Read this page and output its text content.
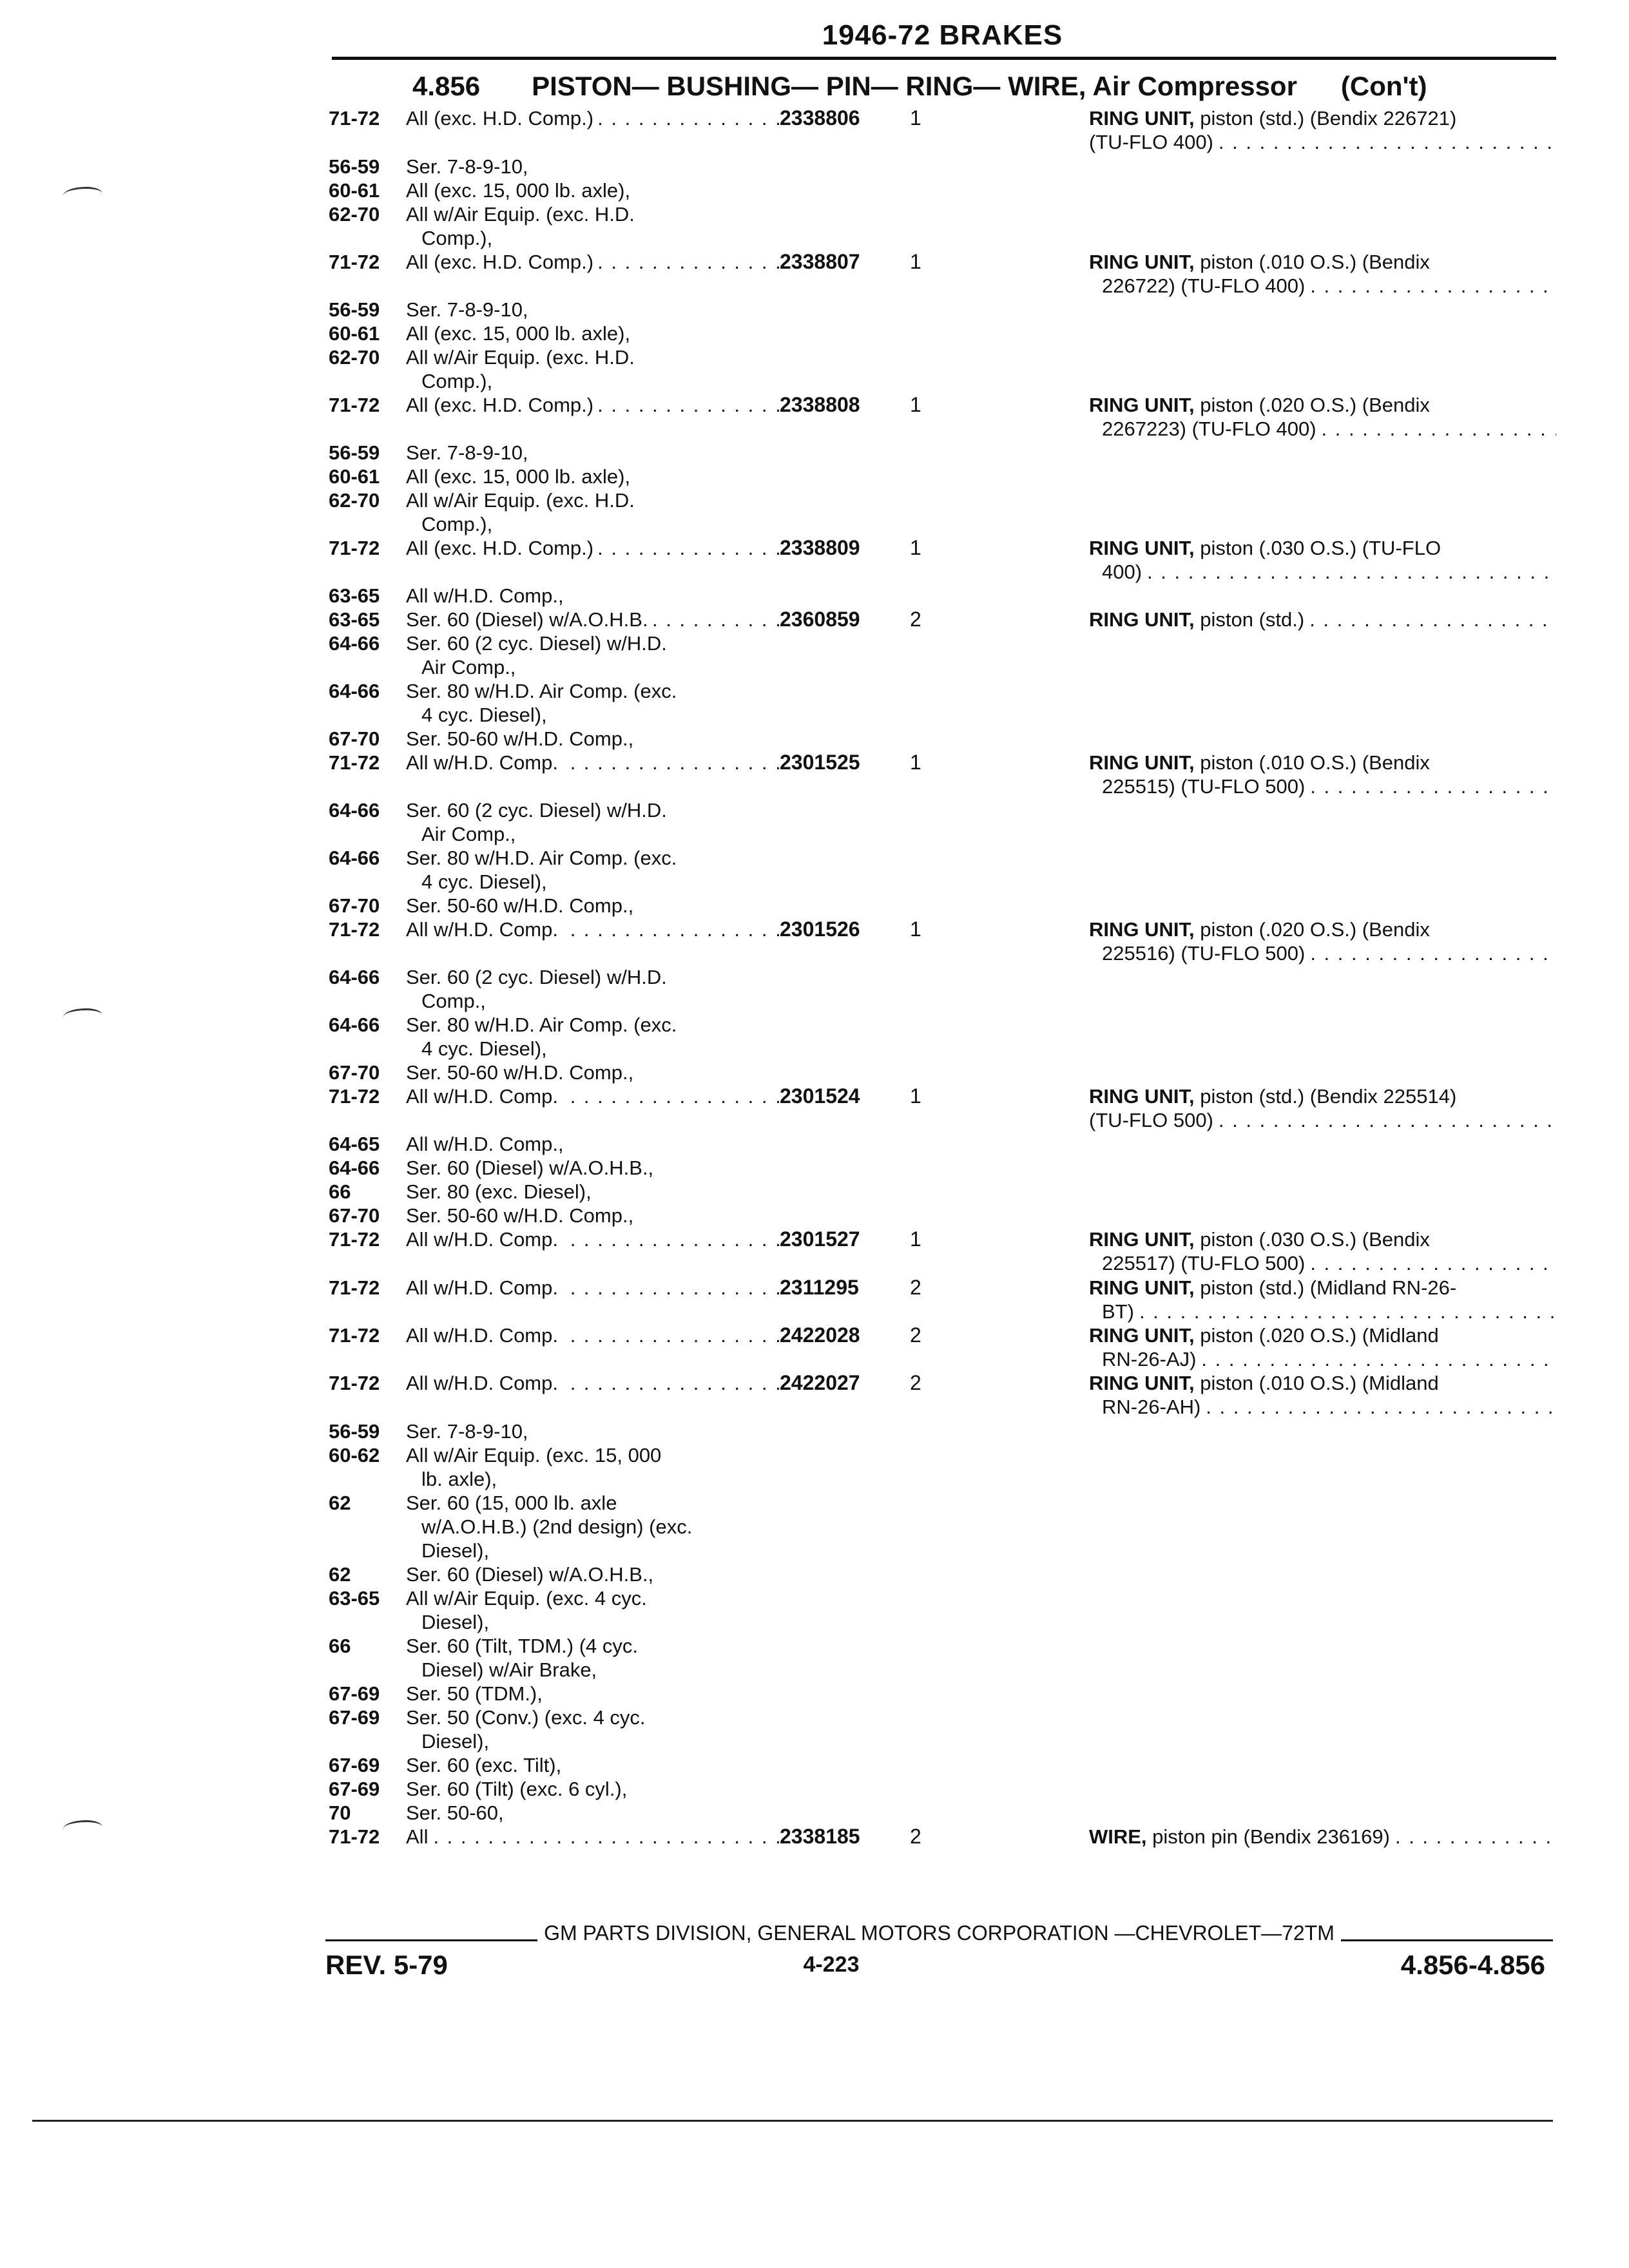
1946-72 BRAKES
4.856 PISTON— BUSHING— PIN— RING— WIRE, Air Compressor (Con't)
71-72	All (exc. H.D. Comp.) . . .	2338806 1	RING UNIT, piston (std.) (Bendix 226721)
(TU-FLO 400) . . .
56-59	Ser. 7-8-9-10,
60-61	All (exc. 15, 000 lb. axle),
62-70	All w/Air Equip. (exc. H.D.
Comp.),
71-72	All (exc. H.D. Comp.) . . .	2338807 1	RING UNIT, piston (.010 O.S.) (Bendix
226722) (TU-FLO 400) . . .
56-59	Ser. 7-8-9-10,
60-61	All (exc. 15, 000 lb. axle),
62-70	All w/Air Equip. (exc. H.D.
Comp.),
71-72	All (exc. H.D. Comp.) . . .	2338808 1	RING UNIT, piston (.020 O.S.) (Bendix
2267223) (TU-FLO 400) . . .
56-59	Ser. 7-8-9-10,
60-61	All (exc. 15, 000 lb. axle),
62-70	All w/Air Equip. (exc. H.D.
Comp.),
71-72	All (exc. H.D. Comp.) . . .	2338809 1	RING UNIT, piston (.030 O.S.) (TU-FLO
400) . . .
63-65	All w/H.D. Comp.,
63-65	Ser. 60 (Diesel) w/A.O.H.B. . . .	2360859 2	RING UNIT, piston (std.) . . .
64-66	Ser. 60 (2 cyc. Diesel) w/H.D.
Air Comp.,
64-66	Ser. 80 w/H.D. Air Comp. (exc.
4 cyc. Diesel),
67-70	Ser. 50-60 w/H.D. Comp.,
71-72	All w/H.D. Comp. . . .	2301525 1	RING UNIT, piston (.010 O.S.) (Bendix
225515) (TU-FLO 500) . . .
64-66	Ser. 60 (2 cyc. Diesel) w/H.D.
Air Comp.,
64-66	Ser. 80 w/H.D. Air Comp. (exc.
4 cyc. Diesel),
67-70	Ser. 50-60 w/H.D. Comp.,
71-72	All w/H.D. Comp. . . .	2301526 1	RING UNIT, piston (.020 O.S.) (Bendix
225516) (TU-FLO 500) . . .
64-66	Ser. 60 (2 cyc. Diesel) w/H.D.
Comp.,
64-66	Ser. 80 w/H.D. Air Comp. (exc.
4 cyc. Diesel),
67-70	Ser. 50-60 w/H.D. Comp.,
71-72	All w/H.D. Comp. . . .	2301524 1	RING UNIT, piston (std.) (Bendix 225514)
(TU-FLO 500) . . .
64-65	All w/H.D. Comp.,
64-66	Ser. 60 (Diesel) w/A.O.H.B.,
66	Ser. 80 (exc. Diesel),
67-70	Ser. 50-60 w/H.D. Comp.,
71-72	All w/H.D. Comp. . . .	2301527 1	RING UNIT, piston (.030 O.S.) (Bendix
225517) (TU-FLO 500) . . .
71-72	All w/H.D. Comp. . . .	2311295 2	RING UNIT, piston (std.) (Midland RN-26-
BT) . . .
71-72	All w/H.D. Comp. . . .	2422028 2	RING UNIT, piston (.020 O.S.) (Midland
RN-26-AJ) . . .
71-72	All w/H.D. Comp. . . .	2422027 2	RING UNIT, piston (.010 O.S.) (Midland
RN-26-AH) . . .
56-59	Ser. 7-8-9-10,
60-62	All w/Air Equip. (exc. 15, 000
lb. axle),
62	Ser. 60 (15, 000 lb. axle
w/A.O.H.B.) (2nd design) (exc.
Diesel),
62	Ser. 60 (Diesel) w/A.O.H.B.,
63-65	All w/Air Equip. (exc. 4 cyc.
Diesel),
66	Ser. 60 (Tilt, TDM.) (4 cyc.
Diesel) w/Air Brake,
67-69	Ser. 50 (TDM.),
67-69	Ser. 50 (Conv.) (exc. 4 cyc.
Diesel),
67-69	Ser. 60 (exc. Tilt),
67-69	Ser. 60 (Tilt) (exc. 6 cyl.),
70	Ser. 50-60,
71-72	All . . .	2338185 2	WIRE, piston pin (Bendix 236169) . . .
GM PARTS DIVISION, GENERAL MOTORS CORPORATION —CHEVROLET—72TM
REV. 5-79	4-223	4.856-4.856
